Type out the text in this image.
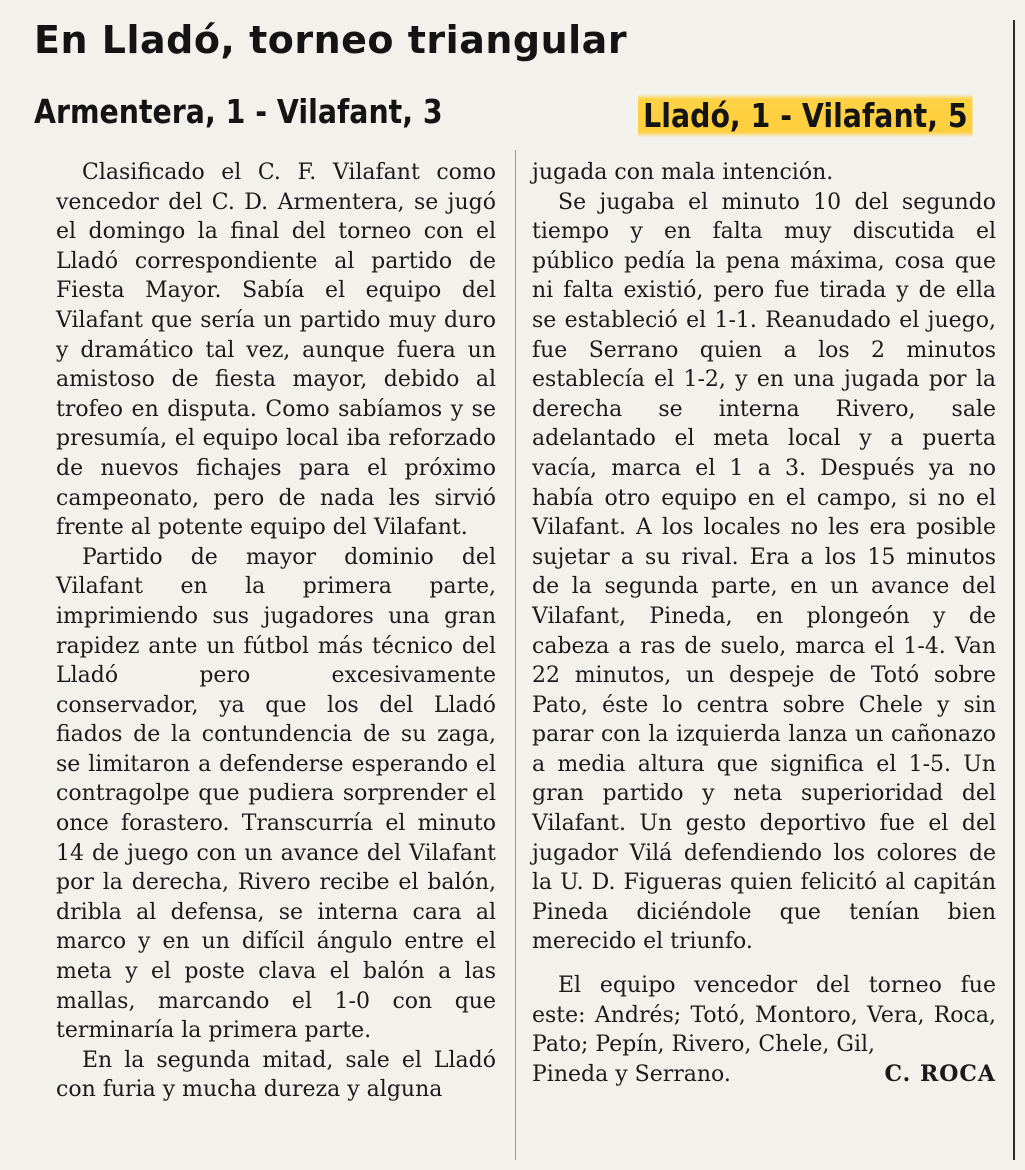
En Lladó, torneo triangular
Armentera, 1 - Vilafant, 3	Lladó, 1 - Vilafant, 5

Clasificado el C. F. Vilafant como vencedor del C. D. Armentera, se jugó el domingo la final del torneo con el Lladó correspondiente al partido de Fiesta Mayor. Sabía el equipo del Vilafant que sería un partido muy duro y dramático tal vez, aunque fuera un amistoso de fiesta mayor, debido al trofeo en disputa. Como sabíamos y se presumía, el equipo local iba reforzado de nuevos fichajes para el próximo campeonato, pero de nada les sirvió frente al potente equipo del Vilafant.

Partido de mayor dominio del Vilafant en la primera parte, imprimiendo sus jugadores una gran rapidez ante un fútbol más técnico del Lladó pero excesivamente conservador, ya que los del Lladó fiados de la contundencia de su zaga, se limitaron a defenderse esperando el contragolpe que pudiera sorprender el once forastero. Transcurría el minuto 14 de juego con un avance del Vilafant por la derecha, Rivero recibe el balón, dribla al defensa, se interna cara al marco y en un difícil ángulo entre el meta y el poste clava el balón a las mallas, marcando el 1-0 con que terminaría la primera parte.

En la segunda mitad, sale el Lladó con furia y mucha dureza y alguna

jugada con mala intención.

Se jugaba el minuto 10 del segundo tiempo y en falta muy discutida el público pedía la pena máxima, cosa que ni falta existió, pero fue tirada y de ella se estableció el 1-1. Reanudado el juego, fue Serrano quien a los 2 minutos establecía el 1-2, y en una jugada por la derecha se interna Rivero, sale adelantado el meta local y a puerta vacía, marca el 1 a 3. Después ya no había otro equipo en el campo, si no el Vilafant. A los locales no les era posible sujetar a su rival. Era a los 15 minutos de la segunda parte, en un avance del Vilafant, Pineda, en plongeón y de cabeza a ras de suelo, marca el 1-4. Van 22 minutos, un despeje de Totó sobre Pato, éste lo centra sobre Chele y sin parar con la izquierda lanza un cañonazo a media altura que significa el 1-5. Un gran partido y neta superioridad del Vilafant. Un gesto deportivo fue el del jugador Vilá defendiendo los colores de la U. D. Figueras quien felicitó al capitán Pineda diciéndole que tenían bien merecido el triunfo.

El equipo vencedor del torneo fue este: Andrés; Totó, Montoro, Vera, Roca, Pato; Pepín, Rivero, Chele, Gil,

Pineda y Serrano.	C. ROCA
